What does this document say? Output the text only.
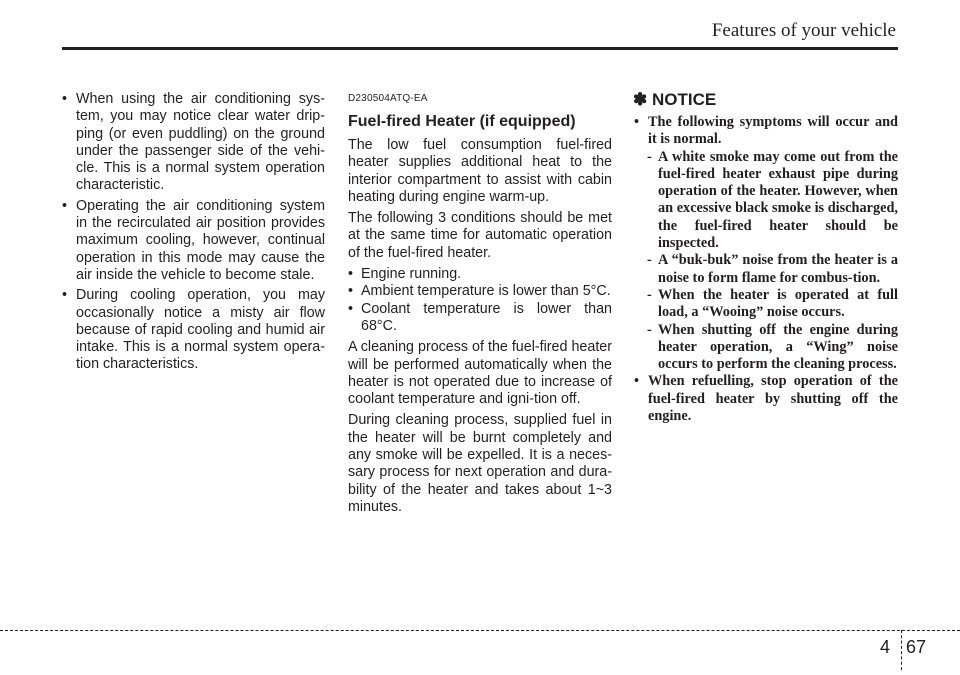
Features of your vehicle

• When using the air conditioning sys-tem, you may notice clear water drip-ping (or even puddling) on the ground under the passenger side of the vehi-cle. This is a normal system operation characteristic.

• Operating the air conditioning system in the recirculated air position provides maximum cooling, however, continual operation in this mode may cause the air inside the vehicle to become stale.

• During cooling operation, you may occasionally notice a misty air flow because of rapid cooling and humid air intake. This is a normal system opera-tion characteristics.

D230504ATQ-EA
Fuel-fired Heater (if equipped)

The low fuel consumption fuel-fired heater supplies additional heat to the interior compartment to assist with cabin heating during engine warm-up.

The following 3 conditions should be met at the same time for automatic operation of the fuel-fired heater.

• Engine running.

• Ambient temperature is lower than 5°C.

• Coolant temperature is lower than 68°C.

A cleaning process of the fuel-fired heater will be performed automatically when the heater is not operated due to increase of coolant temperature and igni-tion off.

During cleaning process, supplied fuel in the heater will be burnt completely and any smoke will be expelled. It is a neces-sary process for next operation and dura-bility of the heater and takes about 1~3 minutes.

✽ NOTICE

• The following symptoms will occur and it is normal.

- A white smoke may come out from the fuel-fired heater exhaust pipe during operation of the heater. However, when an excessive black smoke is discharged, the fuel-fired heater should be inspected.

- A “buk-buk” noise from the heater is a noise to form flame for combus-tion.

- When the heater is operated at full load, a “Wooing” noise occurs.

- When shutting off the engine during heater operation, a “Wing” noise occurs to perform the cleaning process.

• When refuelling, stop operation of the fuel-fired heater by shutting off the engine.

4 67
